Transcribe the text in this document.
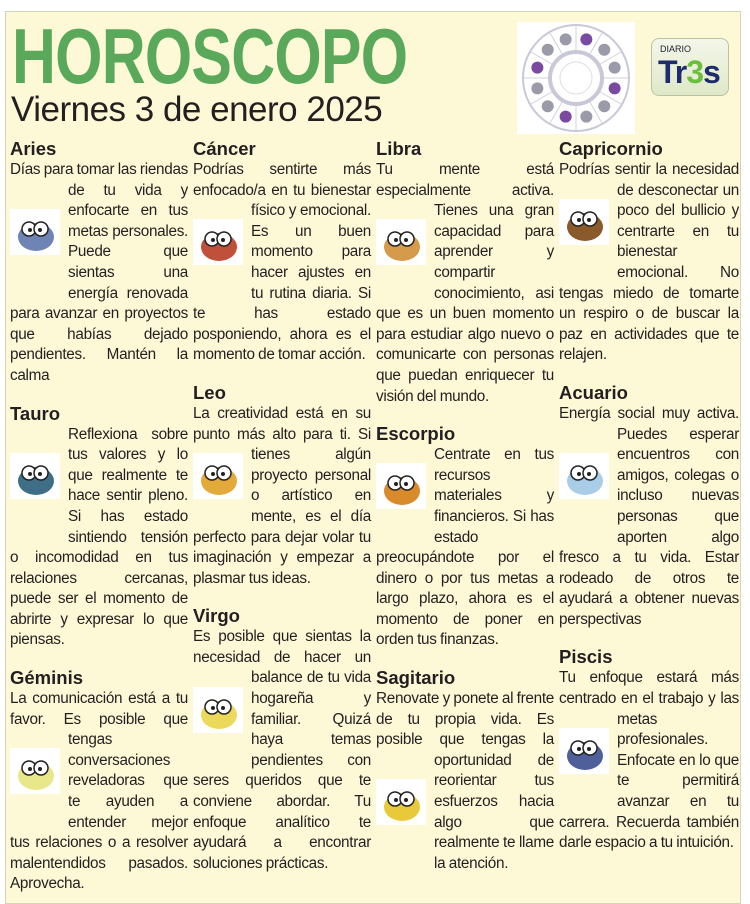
HOROSCOPO
Viernes 3 de enero 2025
DIARIO
Tr3s
Aries

Días para tomar las riendas de tu vida y enfocarte en tus metas personales. Puede que sientas una energía renovada para avanzar en proyectos que habías dejado pendientes. Mantén la calma

Tauro

Reflexiona sobre tus valores y lo que realmente te hace sentir pleno. Si has estado sintiendo tensión o incomodidad en tus relaciones cercanas, puede ser el momento de abrirte y expresar lo que piensas.

Géminis

La comunicación está a tu favor. Es posible que tengas conversaciones reveladoras que te ayuden a entender mejor tus relaciones o a resolver malentendidos pasados. Aprovecha.

Cáncer

Podrías sentirte más enfocado/a en tu bienestar físico y emocional. Es un buen momento para hacer ajustes en tu rutina diaria. Si te has estado posponiendo, ahora es el momento de tomar acción.

Leo

La creatividad está en su punto más alto para ti. Si tienes algún proyecto personal o artístico en mente, es el día perfecto para dejar volar tu imaginación y empezar a plasmar tus ideas.

Virgo

Es posible que sientas la necesidad de hacer un balance de tu vida hogareña y familiar. Quizá haya temas pendientes con seres queridos que te conviene abordar. Tu enfoque analítico te ayudará a encontrar soluciones prácticas.

Libra

Tu mente está especialmente activa. Tienes una gran capacidad para aprender y compartir conocimiento, asi que es un buen momento para estudiar algo nuevo o comunicarte con personas que puedan enriquecer tu visión del mundo.

Escorpio

Centrate en tus recursos materiales y financieros. Si has estado preocupándote por el dinero o por tus metas a largo plazo, ahora es el momento de poner en orden tus finanzas.

Sagitario

Renovate y ponete al frente de tu propia vida. Es posible que tengas la oportunidad de reorientar tus esfuerzos hacia algo que realmente te llame la atención.

Capricornio

Podrías sentir la necesidad de desconectar un poco del bullicio y centrarte en tu bienestar emocional. No tengas miedo de tomarte un respiro o de buscar la paz en actividades que te relajen.

Acuario

Energía social muy activa. Puedes esperar encuentros con amigos, colegas o incluso nuevas personas que aporten algo fresco a tu vida. Estar rodeado de otros te ayudará a obtener nuevas perspectivas

Piscis

Tu enfoque estará más centrado en el trabajo y las metas profesionales. Enfocate en lo que te permitirá avanzar en tu carrera. Recuerda también darle espacio a tu intuición.
